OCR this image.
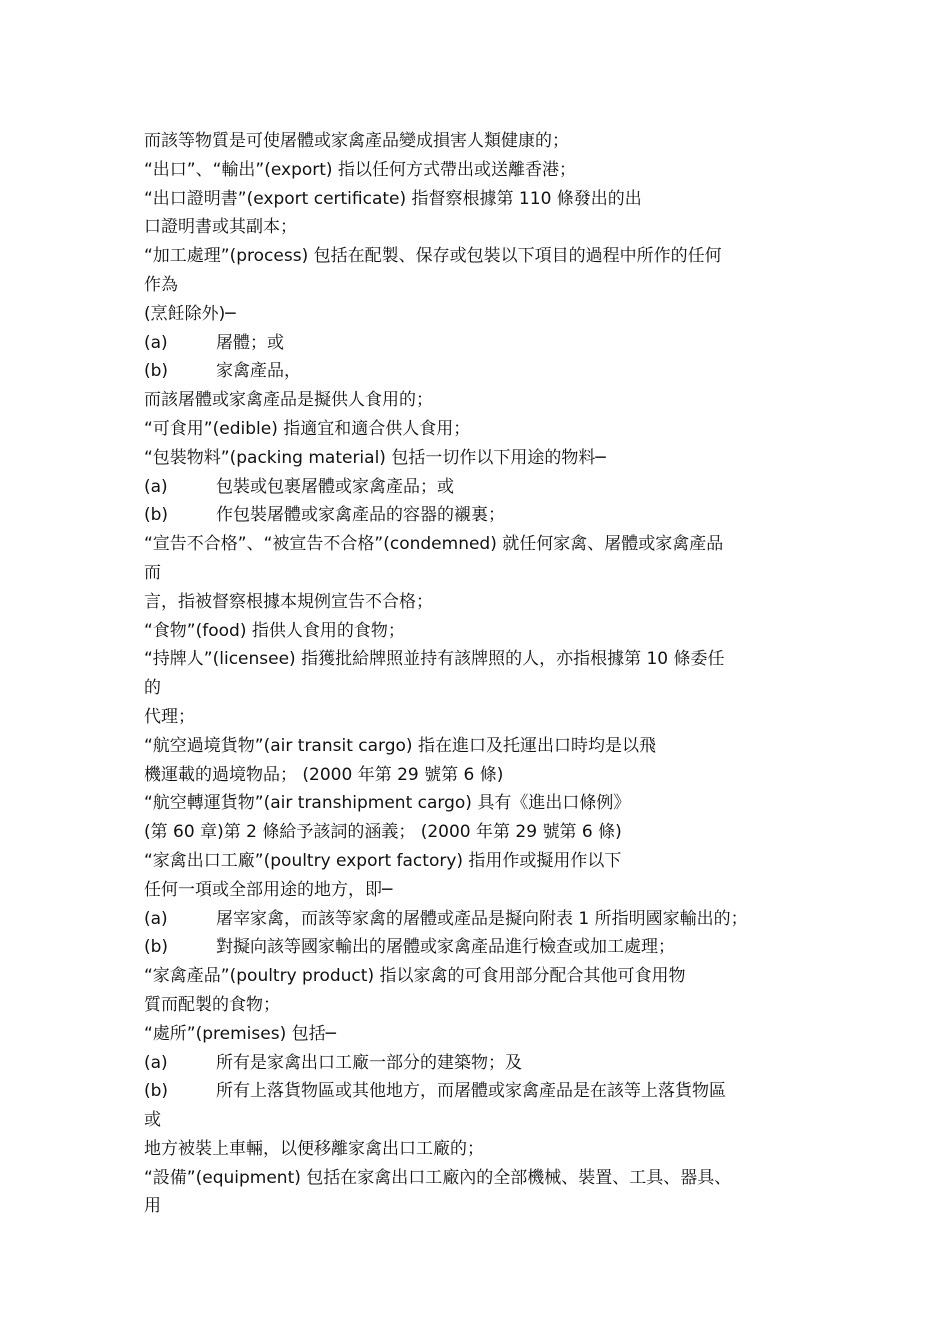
而該等物質是可使屠體或家禽產品變成損害人類健康的；
“出口”、“輸出”(export) 指以任何方式帶出或送離香港；
“出口證明書”(export certificate) 指督察根據第 110 條發出的出
口證明書或其副本；
“加工處理”(process) 包括在配製、保存或包裝以下項目的過程中所作的任何
作為
(烹飪除外)─
(a)	屠體；或
(b)	家禽產品，
而該屠體或家禽產品是擬供人食用的；
“可食用”(edible) 指適宜和適合供人食用；
“包裝物料”(packing material) 包括一切作以下用途的物料─
(a)	包裝或包裹屠體或家禽產品；或
(b)	作包裝屠體或家禽產品的容器的襯裏；
“宣告不合格”、“被宣告不合格”(condemned) 就任何家禽、屠體或家禽產品
而
言，指被督察根據本規例宣告不合格；
“食物”(food) 指供人食用的食物；
“持牌人”(licensee) 指獲批給牌照並持有該牌照的人，亦指根據第 10 條委任
的
代理；
“航空過境貨物”(air transit cargo) 指在進口及托運出口時均是以飛
機運載的過境物品； (2000 年第 29 號第 6 條)
“航空轉運貨物”(air transhipment cargo) 具有《進出口條例》
(第 60 章)第 2 條給予該詞的涵義； (2000 年第 29 號第 6 條)
“家禽出口工廠”(poultry export factory) 指用作或擬用作以下
任何一項或全部用途的地方，即─
(a)	屠宰家禽，而該等家禽的屠體或產品是擬向附表 1 所指明國家輸出的；
(b)	對擬向該等國家輸出的屠體或家禽產品進行檢查或加工處理；
“家禽產品”(poultry product) 指以家禽的可食用部分配合其他可食用物
質而配製的食物；
“處所”(premises) 包括─
(a)	所有是家禽出口工廠一部分的建築物；及
(b)	所有上落貨物區或其他地方，而屠體或家禽產品是在該等上落貨物區
或
地方被裝上車輛，以便移離家禽出口工廠的；
“設備”(equipment) 包括在家禽出口工廠內的全部機械、裝置、工具、器具、
用
